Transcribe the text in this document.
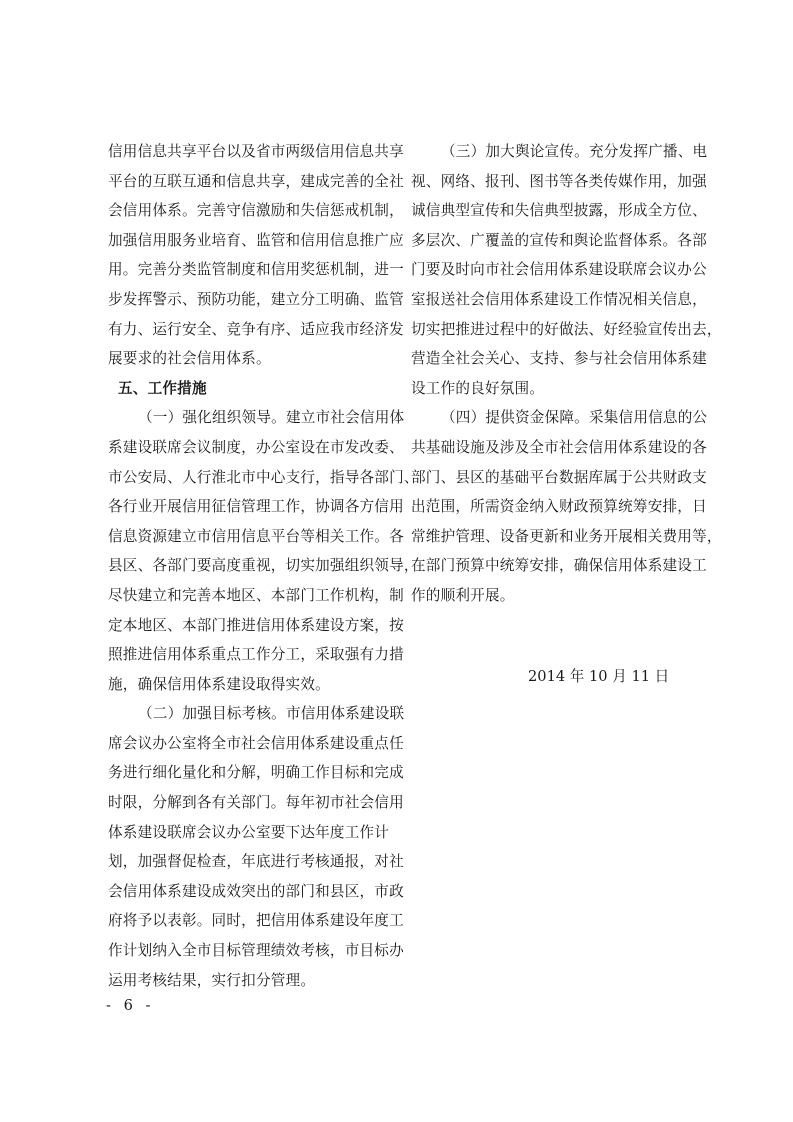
信用信息共享平台以及省市两级信用信息共享
平台的互联互通和信息共享，建成完善的全社
会信用体系。完善守信激励和失信惩戒机制，
加强信用服务业培育、监管和信用信息推广应
用。完善分类监管制度和信用奖惩机制，进一
步发挥警示、预防功能，建立分工明确、监管
有力、运行安全、竞争有序、适应我市经济发
展要求的社会信用体系。
五、工作措施
（一）强化组织领导。建立市社会信用体
系建设联席会议制度，办公室设在市发改委、
市公安局、人行淮北市中心支行，指导各部门、
各行业开展信用征信管理工作，协调各方信用
信息资源建立市信用信息平台等相关工作。各
县区、各部门要高度重视，切实加强组织领导，
尽快建立和完善本地区、本部门工作机构，制
定本地区、本部门推进信用体系建设方案，按
照推进信用体系重点工作分工，采取强有力措
施，确保信用体系建设取得实效。
（二）加强目标考核。市信用体系建设联
席会议办公室将全市社会信用体系建设重点任
务进行细化量化和分解，明确工作目标和完成
时限，分解到各有关部门。每年初市社会信用
体系建设联席会议办公室要下达年度工作计
划，加强督促检查，年底进行考核通报，对社
会信用体系建设成效突出的部门和县区，市政
府将予以表彰。同时，把信用体系建设年度工
作计划纳入全市目标管理绩效考核，市目标办
运用考核结果，实行扣分管理。
（三）加大舆论宣传。充分发挥广播、电
视、网络、报刊、图书等各类传媒作用，加强
诚信典型宣传和失信典型披露，形成全方位、
多层次、广覆盖的宣传和舆论监督体系。各部
门要及时向市社会信用体系建设联席会议办公
室报送社会信用体系建设工作情况相关信息，
切实把推进过程中的好做法、好经验宣传出去，
营造全社会关心、支持、参与社会信用体系建
设工作的良好氛围。
（四）提供资金保障。采集信用信息的公
共基础设施及涉及全市社会信用体系建设的各
部门、县区的基础平台数据库属于公共财政支
出范围，所需资金纳入财政预算统筹安排，日
常维护管理、设备更新和业务开展相关费用等，
在部门预算中统筹安排，确保信用体系建设工
作的顺利开展。
2014 年 10 月 11 日
- 6 -
